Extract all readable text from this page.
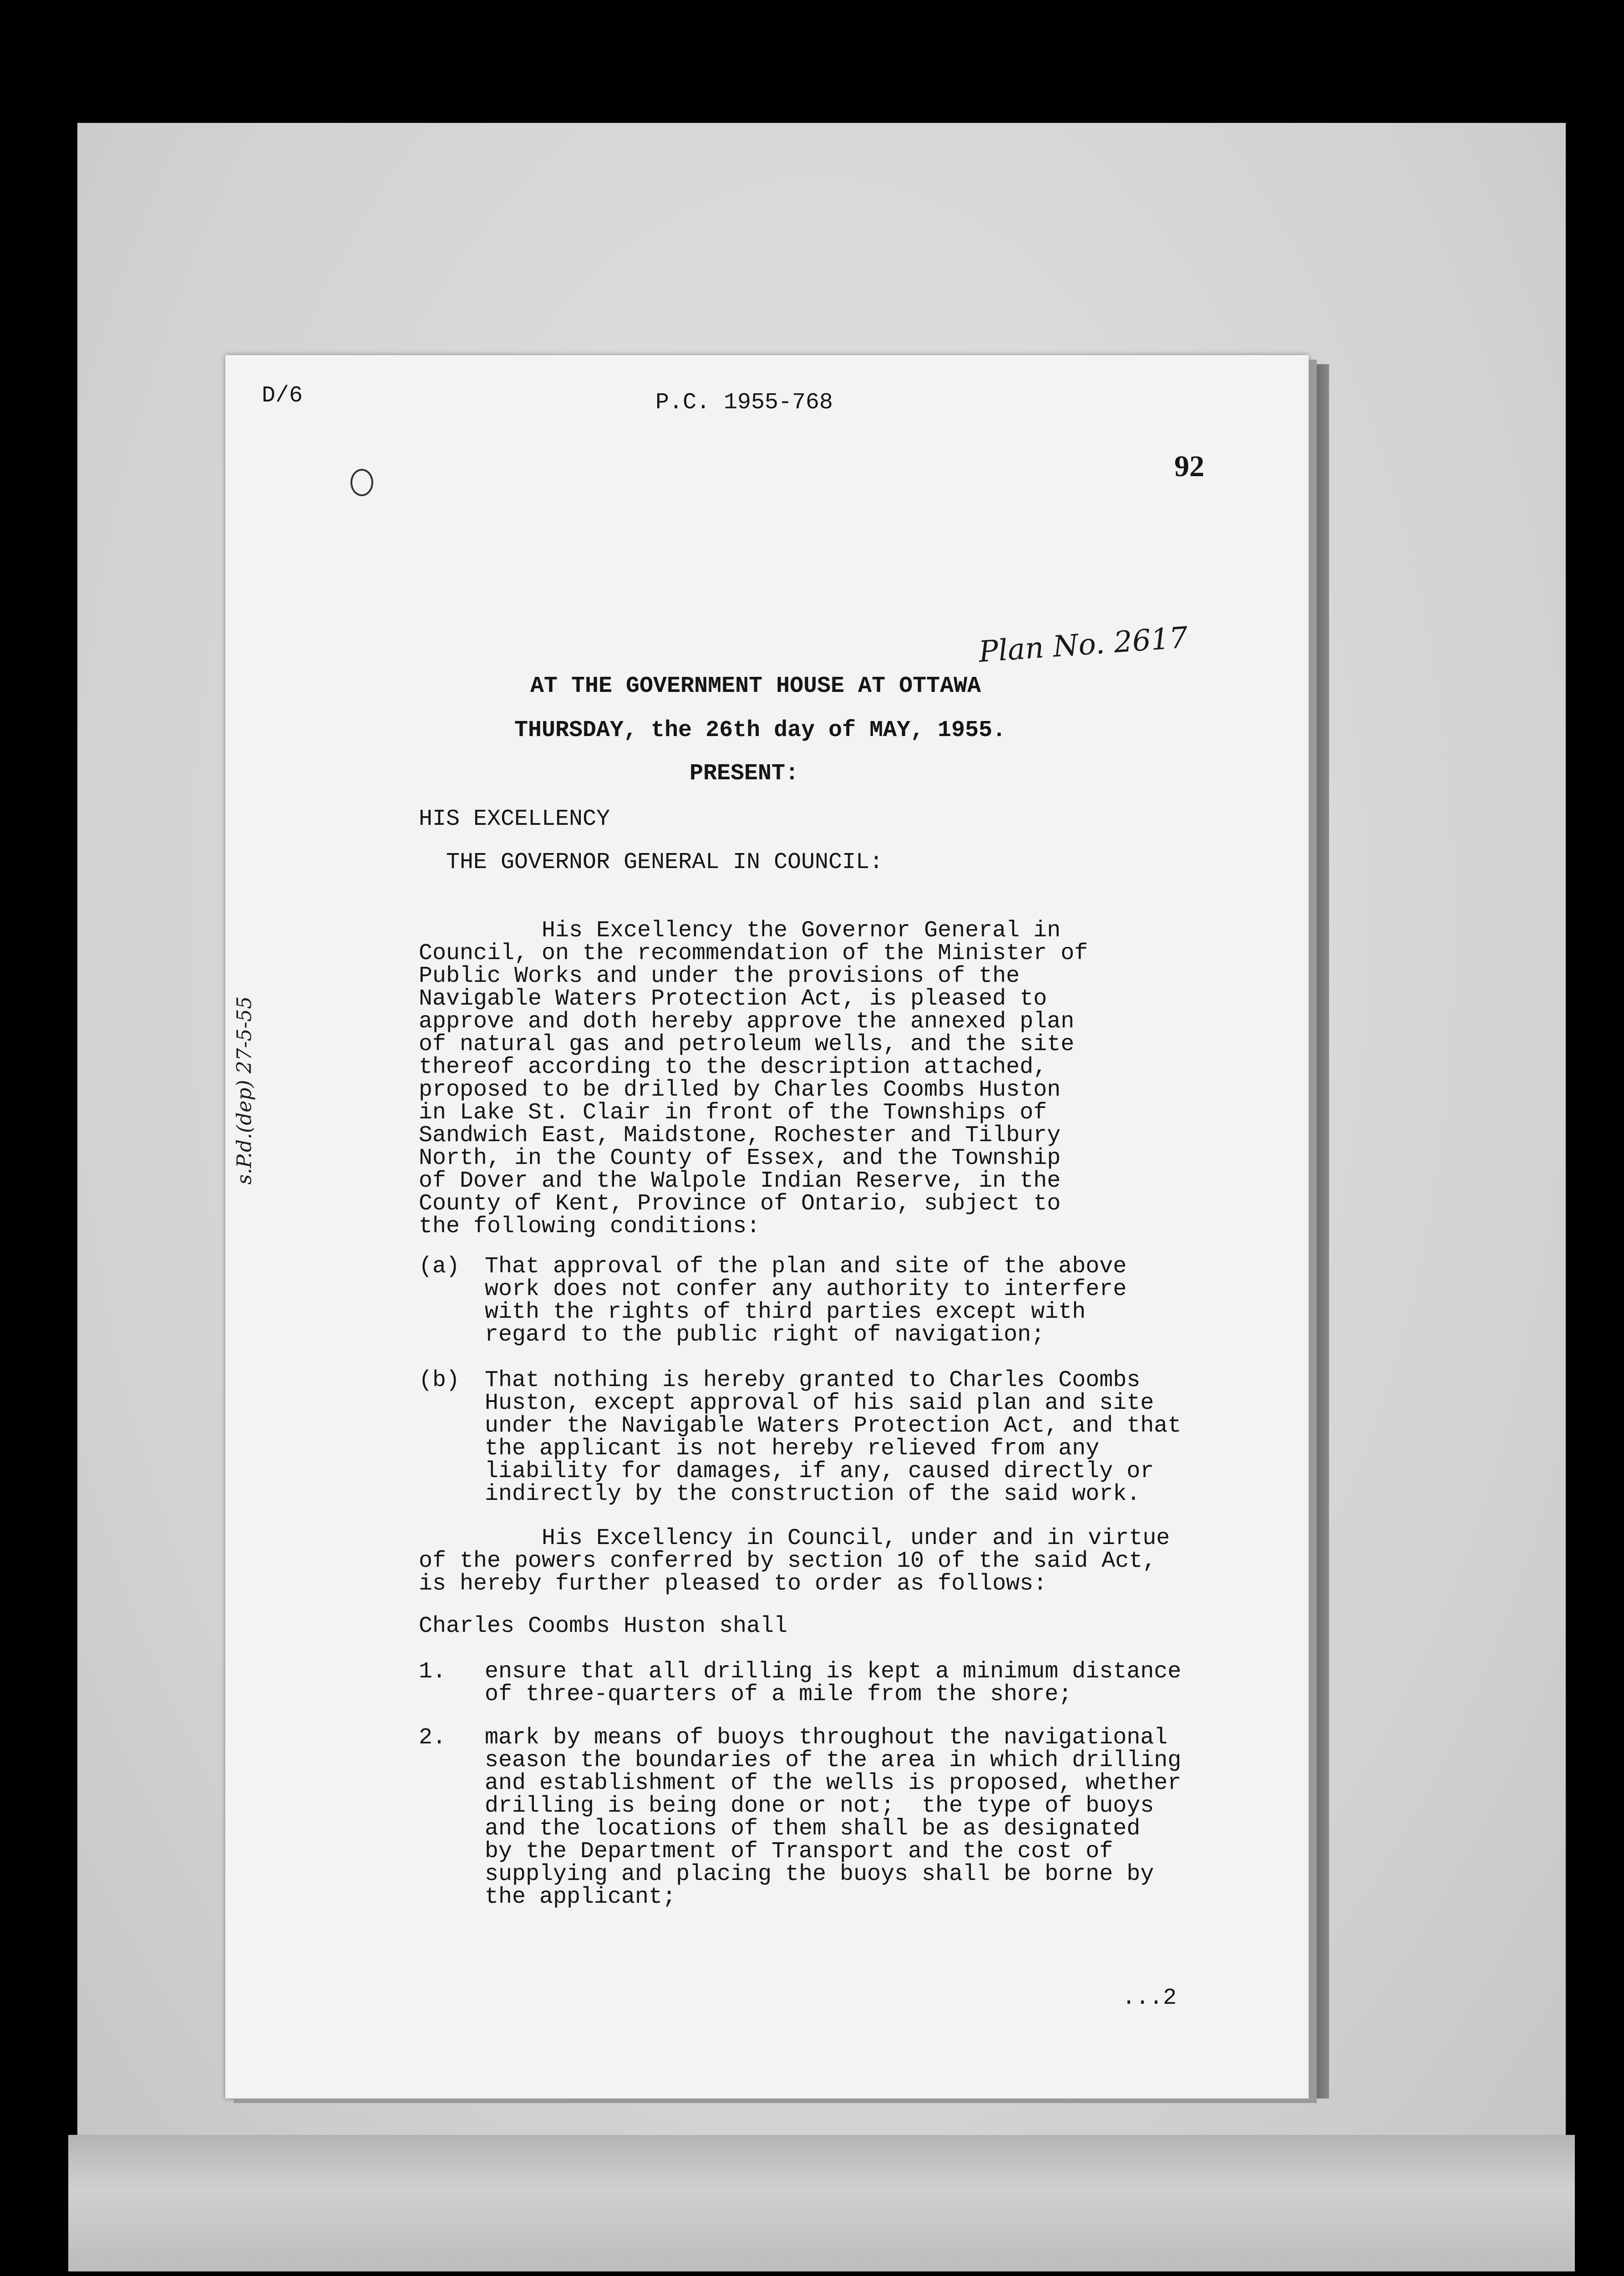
D/6	P.C. 1955-768

92

Plan No. 2617
s.P.d.(dep) 27-5-55

AT THE GOVERNMENT HOUSE AT OTTAWA

THURSDAY, the 26th day of MAY, 1955.

PRESENT:

HIS EXCELLENCY

THE GOVERNOR GENERAL IN COUNCIL:

His Excellency the Governor General in

Council, on the recommendation of the Minister of

Public Works and under the provisions of the

Navigable Waters Protection Act, is pleased to

approve and doth hereby approve the annexed plan

of natural gas and petroleum wells, and the site

thereof according to the description attached,

proposed to be drilled by Charles Coombs Huston

in Lake St. Clair in front of the Townships of

Sandwich East, Maidstone, Rochester and Tilbury

North, in the County of Essex, and the Township

of Dover and the Walpole Indian Reserve, in the

County of Kent, Province of Ontario, subject to

the following conditions:

(a) That approval of the plan and site of the above

work does not confer any authority to interfere

with the rights of third parties except with

regard to the public right of navigation;

(b) That nothing is hereby granted to Charles Coombs

Huston, except approval of his said plan and site

under the Navigable Waters Protection Act, and that

the applicant is not hereby relieved from any

liability for damages, if any, caused directly or

indirectly by the construction of the said work.

His Excellency in Council, under and in virtue

of the powers conferred by section 10 of the said Act,

is hereby further pleased to order as follows:

Charles Coombs Huston shall

1. ensure that all drilling is kept a minimum distance

of three-quarters of a mile from the shore;

2. mark by means of buoys throughout the navigational

season the boundaries of the area in which drilling

and establishment of the wells is proposed, whether

drilling is being done or not;  the type of buoys

and the locations of them shall be as designated

by the Department of Transport and the cost of

supplying and placing the buoys shall be borne by

the applicant;

...2
